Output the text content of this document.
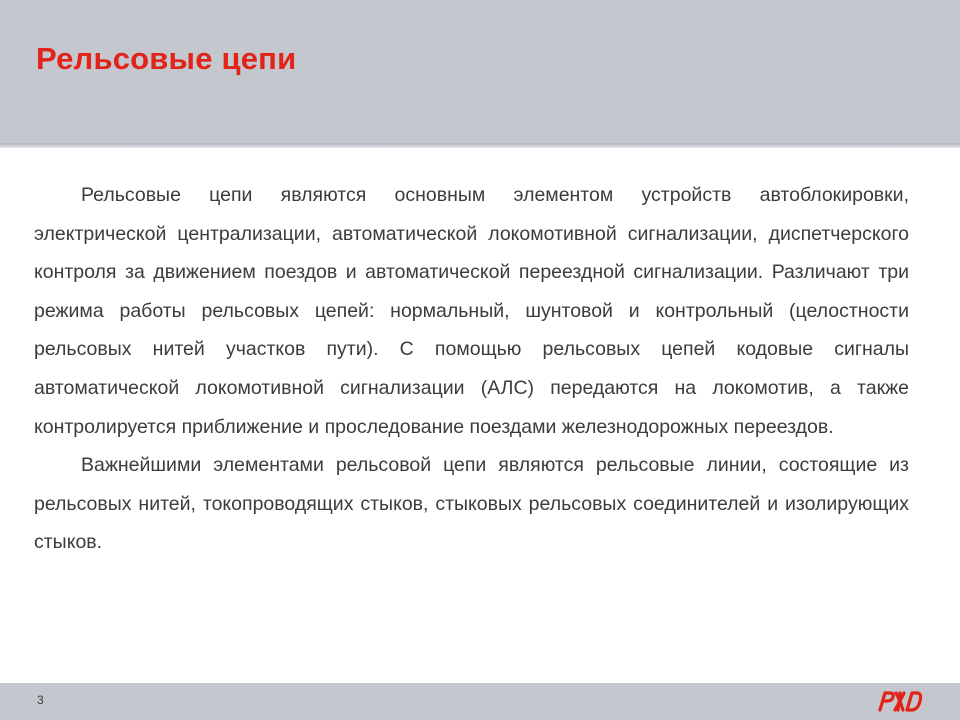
Рельсовые цепи

Рельсовые цепи являются основным элементом устройств автоблокировки, электрической централизации, автоматической локомотивной сигнализации, диспетчерского контроля за движением поездов и автоматической переездной сигнализации. Различают три режима работы рельсовых цепей: нормальный, шунтовой и контрольный (целостности рельсовых нитей участков пути). С помощью рельсовых цепей кодовые сигналы автоматической локомотивной сигнализации (АЛС) передаются на локомотив, а также контролируется приближение и проследование поездами железнодорожных переездов.

Важнейшими элементами рельсовой цепи являются рельсовые линии, состоящие из рельсовых нитей, токопроводящих стыков, стыковых рельсовых соединителей и изолирующих стыков.

3
